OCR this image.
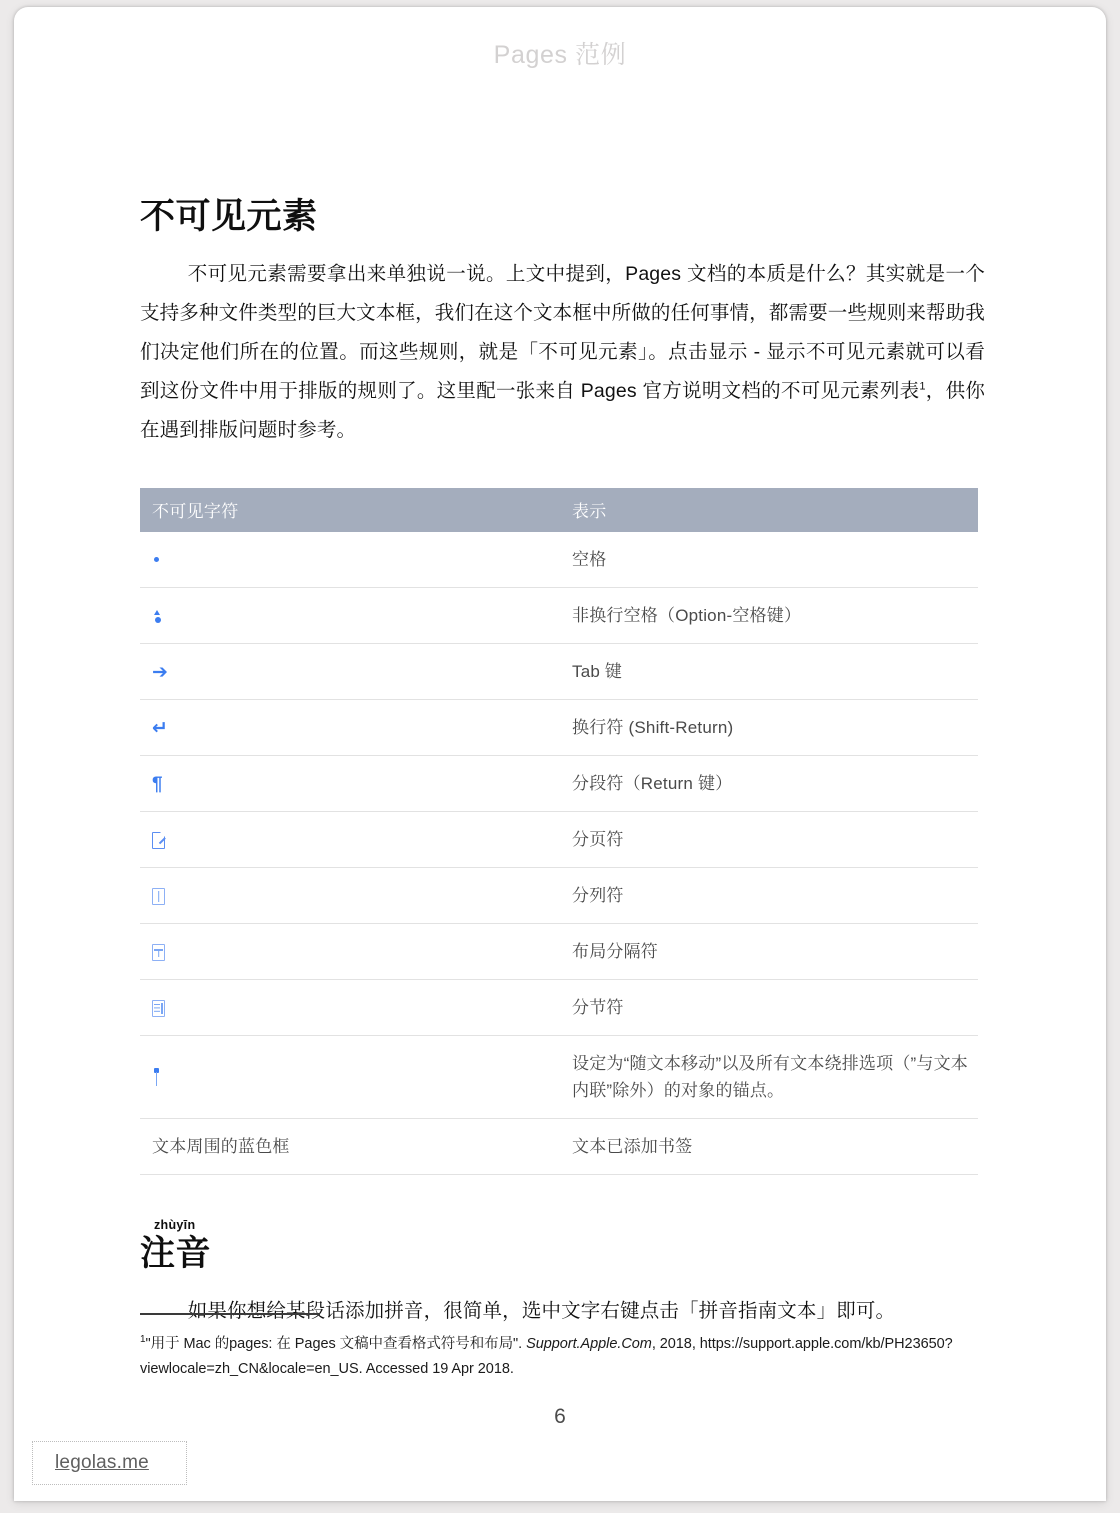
Pages 范例
不可见元素

不可见元素需要拿出来单独说一说。上文中提到，Pages 文档的本质是什么？其实就是一个支持多种文件类型的巨大文本框，我们在这个文本框中所做的任何事情，都需要一些规则来帮助我们决定他们所在的位置。而这些规则，就是「不可见元素」。点击显示 - 显示不可见元素就可以看到这份文件中用于排版的规则了。这里配一张来自 Pages 官方说明文档的不可见元素列表$^1$，供你在遇到排版问题时参考。

不可见字符	表示
	空格
	非换行空格（Option-空格键）
➔	Tab 键
↵	换行符 (Shift-Return)
¶	分段符（Return 键）
	分页符
	分列符
	布局分隔符
	分节符
	设定为“随文本移动”以及所有文本绕排选项（”与文本内联”除外）的对象的锚点。
文本周围的蓝色框	文本已添加书签
zhùyīn
注音

如果你想给某段话添加拼音，很简单，选中文字右键点击「拼音指南文本」即可。

$^1$"用于 Mac 的pages: 在 Pages 文稿中查看格式符号和布局". Support.Apple.Com, 2018, https://support.apple.com/kb/PH23650?viewlocale=zh_CN&locale=en_US. Accessed 19 Apr 2018.
6
legolas.me
